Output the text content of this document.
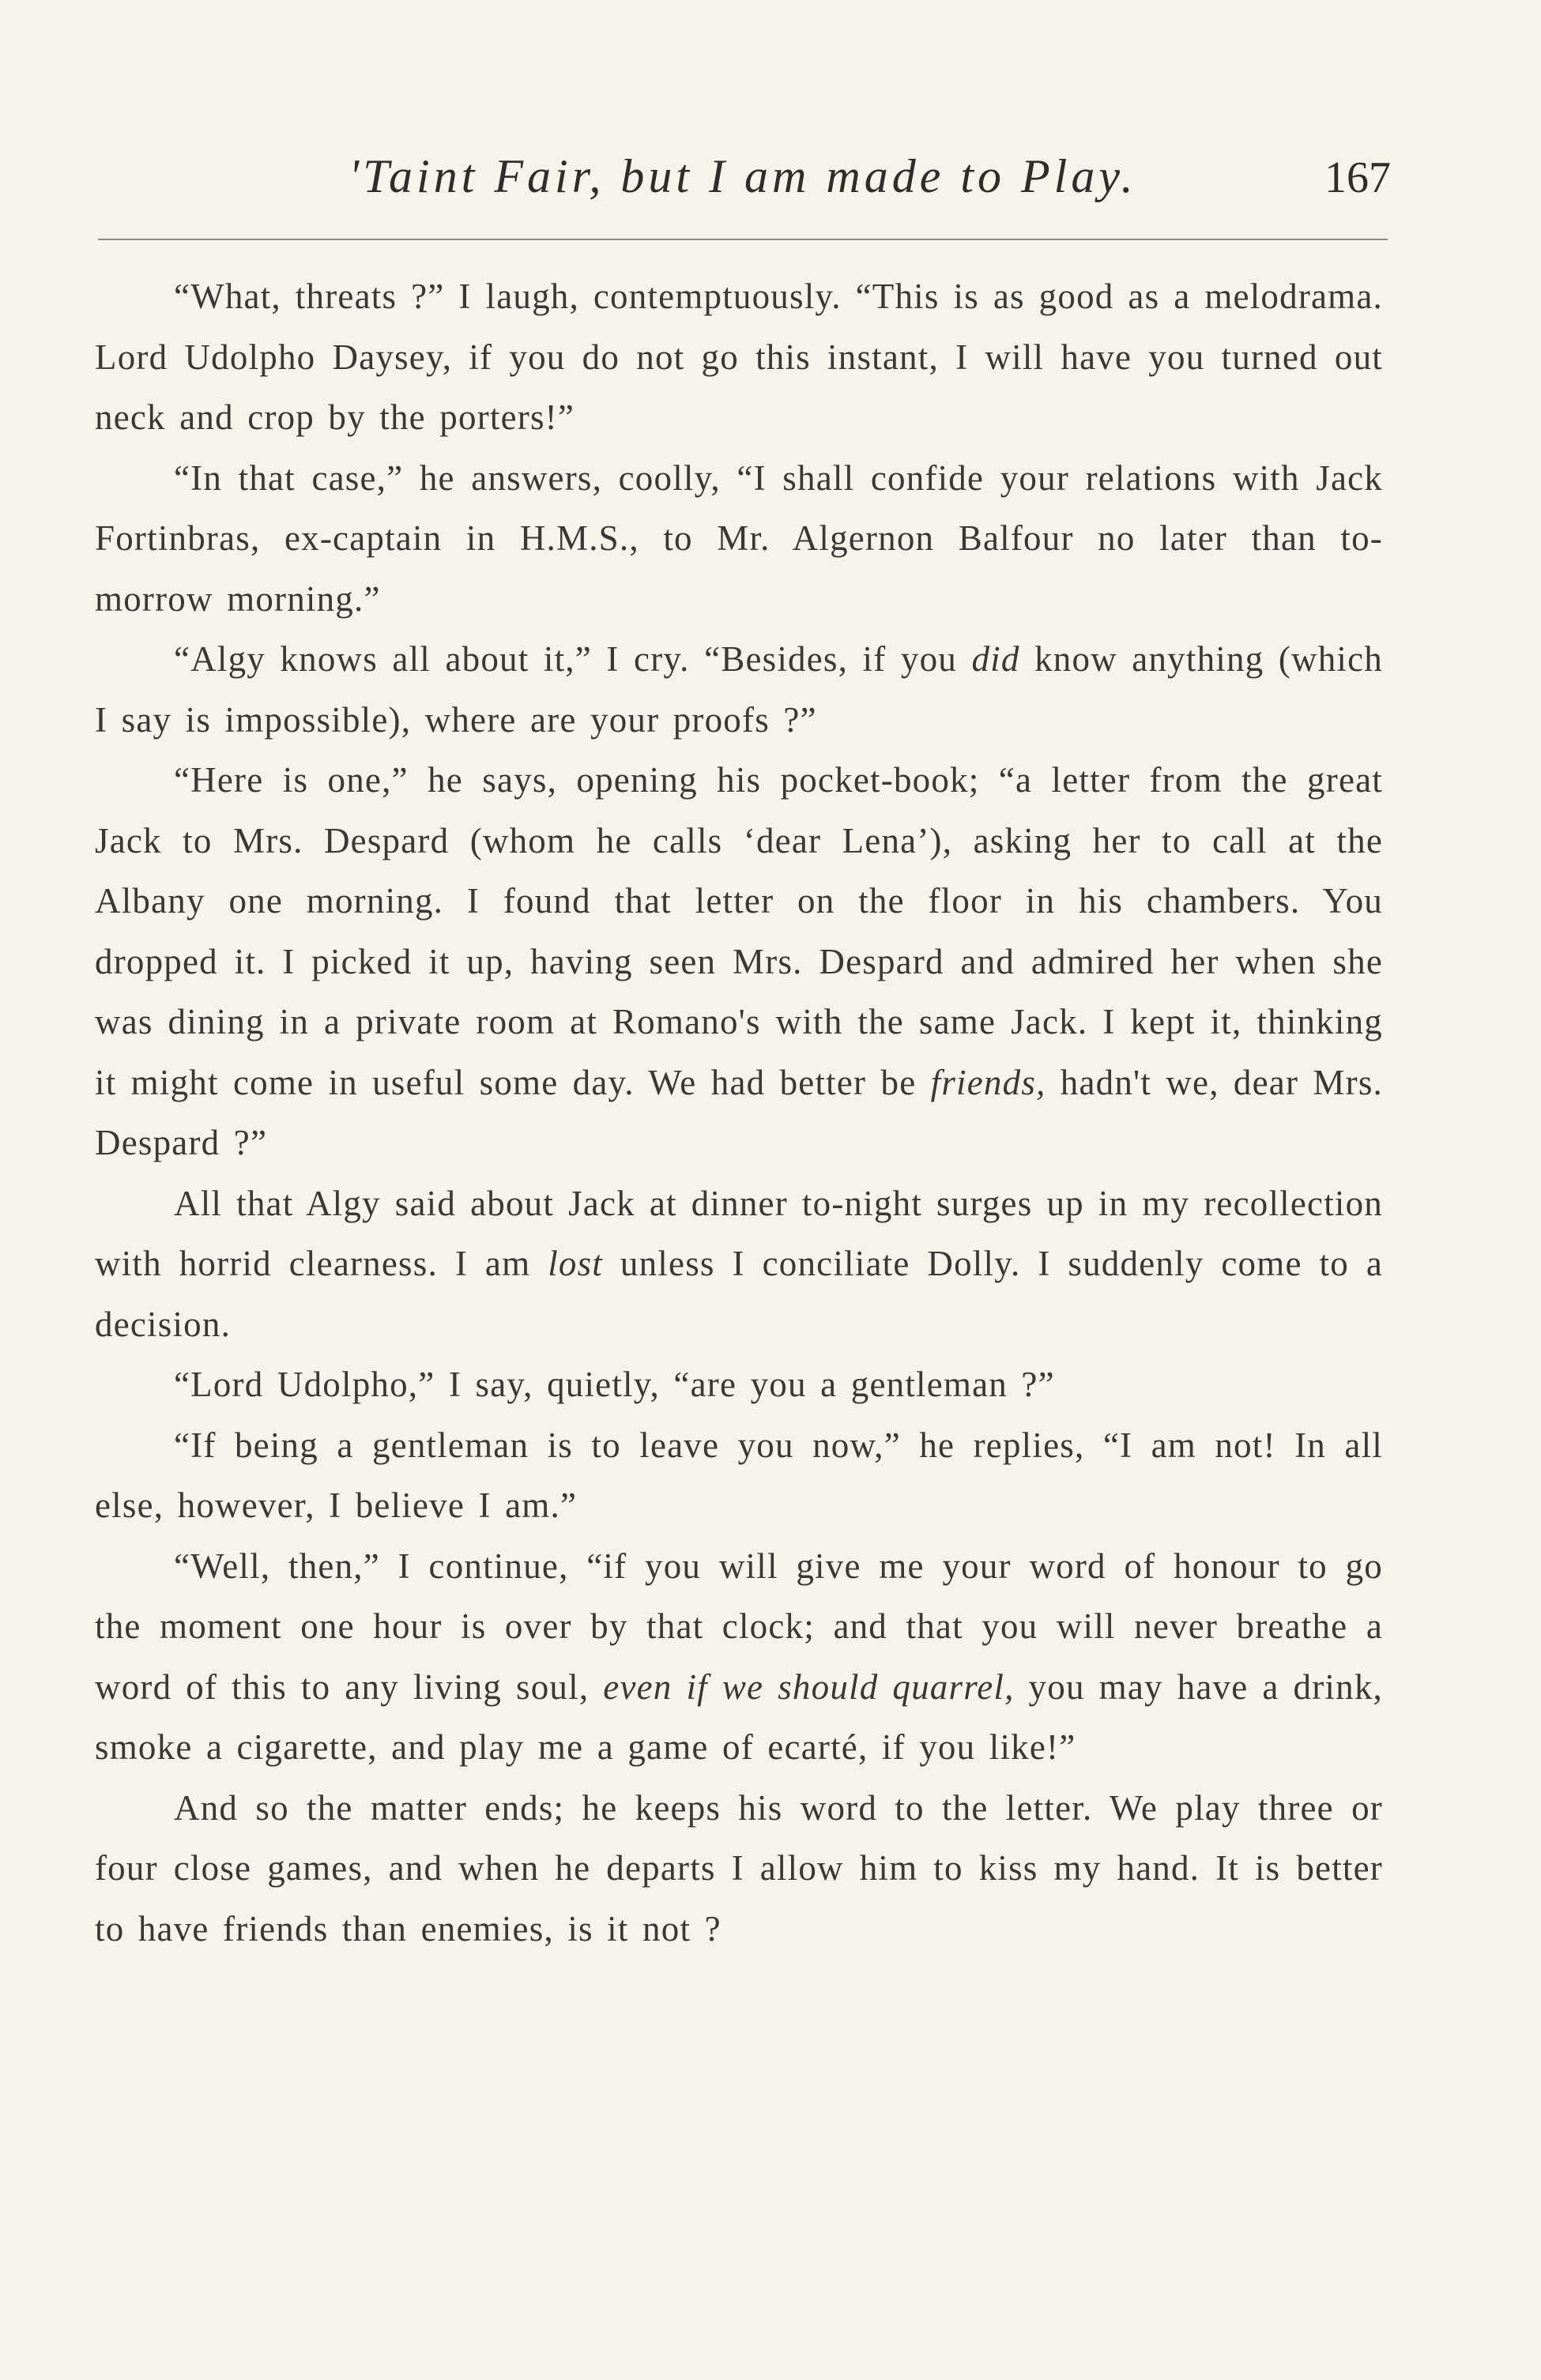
'Taint Fair, but I am made to Play.	167

“What, threats ?” I laugh, contemptuously. “This is as good as a melodrama. Lord Udolpho Daysey, if you do not go this instant, I will have you turned out neck and crop by the porters!”

“In that case,” he answers, coolly, “I shall confide your relations with Jack Fortinbras, ex-captain in H.M.S., to Mr. Algernon Balfour no later than to-morrow morning.”

“Algy knows all about it,” I cry. “Besides, if you did know anything (which I say is impossible), where are your proofs ?”

“Here is one,” he says, opening his pocket-book; “a letter from the great Jack to Mrs. Despard (whom he calls ‘dear Lena’), asking her to call at the Albany one morning. I found that letter on the floor in his chambers. You dropped it. I picked it up, having seen Mrs. Despard and admired her when she was dining in a private room at Romano's with the same Jack. I kept it, thinking it might come in useful some day. We had better be friends, hadn't we, dear Mrs. Despard ?”

All that Algy said about Jack at dinner to-night surges up in my recollection with horrid clearness. I am lost unless I conciliate Dolly. I suddenly come to a decision.

“Lord Udolpho,” I say, quietly, “are you a gentleman ?”

“If being a gentleman is to leave you now,” he replies, “I am not! In all else, however, I believe I am.”

“Well, then,” I continue, “if you will give me your word of honour to go the moment one hour is over by that clock; and that you will never breathe a word of this to any living soul, even if we should quarrel, you may have a drink, smoke a cigarette, and play me a game of ecarté, if you like!”

And so the matter ends; he keeps his word to the letter. We play three or four close games, and when he departs I allow him to kiss my hand. It is better to have friends than enemies, is it not ?
